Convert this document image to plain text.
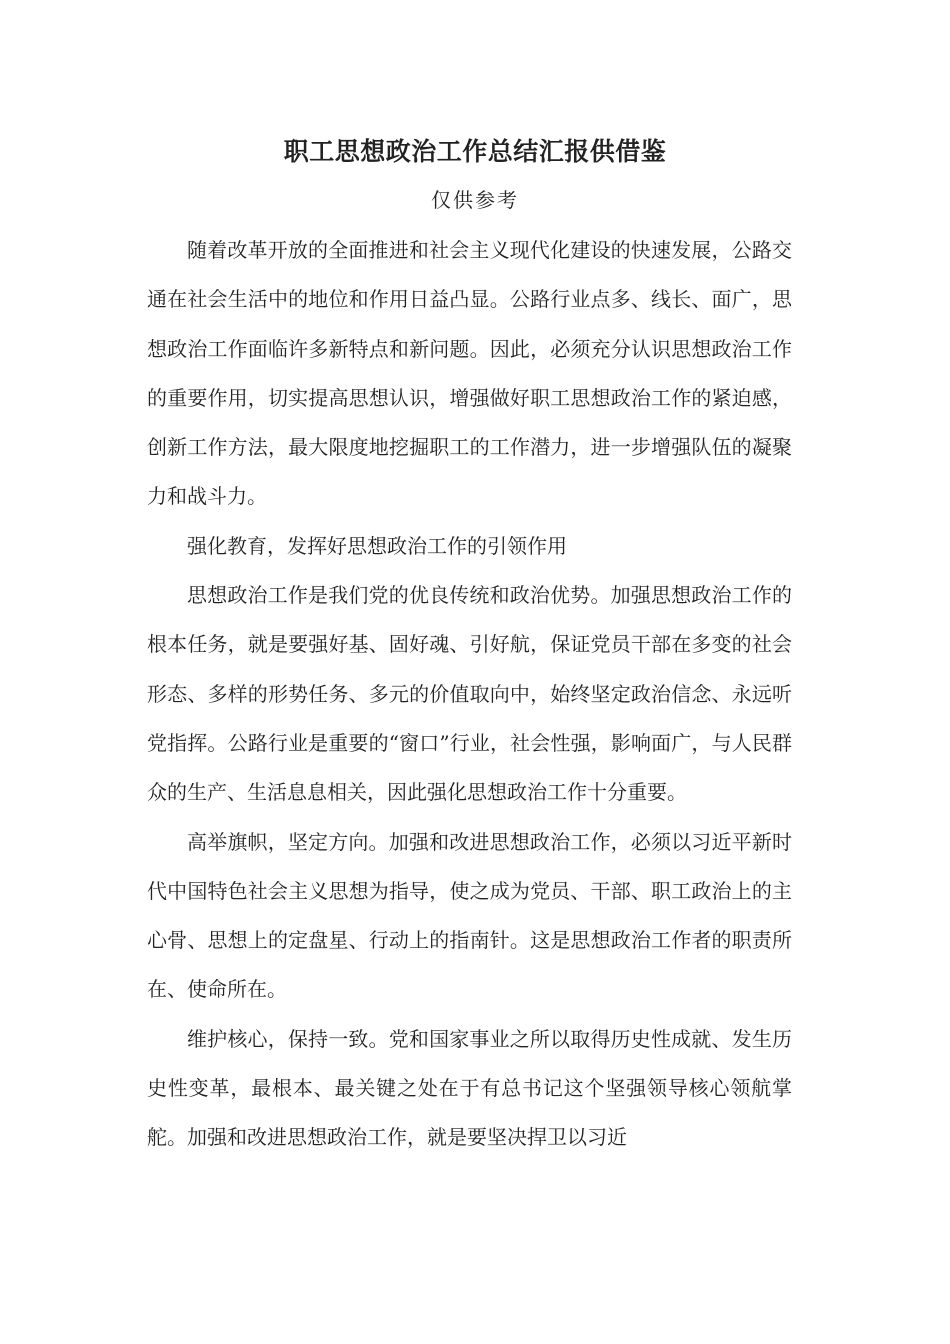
职工思想政治工作总结汇报供借鉴
仅供参考

随着改革开放的全面推进和社会主义现代化建设的快速发展，公路交通在社会生活中的地位和作用日益凸显。公路行业点多、线长、面广，思想政治工作面临许多新特点和新问题。因此，必须充分认识思想政治工作的重要作用，切实提高思想认识，增强做好职工思想政治工作的紧迫感，创新工作方法，最大限度地挖掘职工的工作潜力，进一步增强队伍的凝聚力和战斗力。

强化教育，发挥好思想政治工作的引领作用

思想政治工作是我们党的优良传统和政治优势。加强思想政治工作的根本任务，就是要强好基、固好魂、引好航，保证党员干部在多变的社会形态、多样的形势任务、多元的价值取向中，始终坚定政治信念、永远听党指挥。公路行业是重要的“窗口”行业，社会性强，影响面广，与人民群众的生产、生活息息相关，因此强化思想政治工作十分重要。

高举旗帜，坚定方向。加强和改进思想政治工作，必须以习近平新时代中国特色社会主义思想为指导，使之成为党员、干部、职工政治上的主心骨、思想上的定盘星、行动上的指南针。这是思想政治工作者的职责所在、使命所在。

维护核心，保持一致。党和国家事业之所以取得历史性成就、发生历史性变革，最根本、最关键之处在于有总书记这个坚强领导核心领航掌舵。加强和改进思想政治工作，就是要坚决捍卫以习近
